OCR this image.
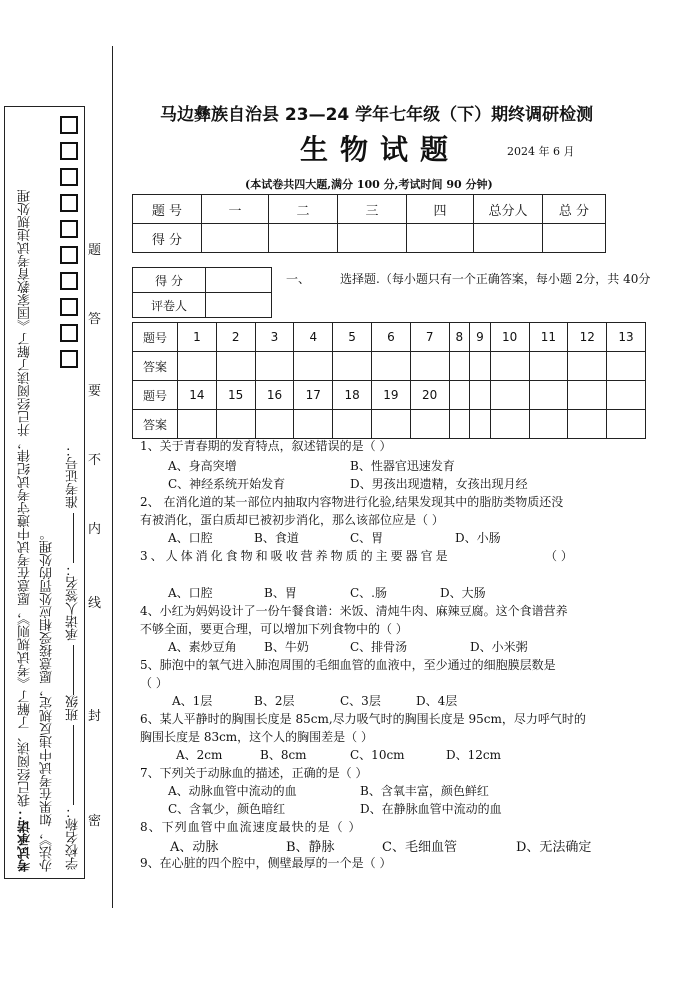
考试承诺：我已经阅读、了解了《考试规则》，愿意在考试中遵守考试纪律，并已经阅读了解了《国家教育考试违规处理 办法》，如果在考试中违反规定，愿意接受相应处罚的处理。 学校名称： 班级 承诺人签名： 准考证号：
密
封
线
内
不
要
答
题
马边彝族自治县 23—24 学年七年级（下）期终调研检测
生物试题	2024 年 6 月
(本试卷共四大题,满分 100 分,考试时间 90 分钟)
题 号	一	二	三	四	总分人	总 分
得 分						
得 分	
评卷人	
一、	选择题.（每小题只有一个正确答案，每小题 2分，共 40分
题号	1	2	3	4	5	6	7	8	9	10	11	12	13
答案													
题号	14	15	16	17	18	19	20						
答案													
1、关于青春期的发育特点，叙述错误的是（ ）
A、身高突增	B、性器官迅速发育
C、神经系统开始发育	D、男孩出现遗精，女孩出现月经
2、 在消化道的某一部位内抽取内容物进行化验,结果发现其中的脂肪类物质还没
有被消化，蛋白质却已被初步消化，那么该部位应是（ ）
A、口腔	B、食道	C、胃	D、小肠
3、人体消化食物和吸收营养物质的主要器官是	（ ）
A、口腔	B、胃	C、.肠	D、大肠
4、小红为妈妈设计了一份午餐食谱：米饭、清炖牛肉、麻辣豆腐。这个食谱营养
不够全面，要更合理，可以增加下列食物中的（ ）
A、素炒豆角 B、牛奶	C、排骨汤	D、小米粥
5、肺泡中的氧气进入肺泡周围的毛细血管的血液中，至少通过的细胞膜层数是
（ ）
A、1层	B、2层	C、3层	D、4层
6、某人平静时的胸围长度是 85cm,尽力吸气时的胸围长度是 95cm，尽力呼气时的
胸围长度是 83cm，这个人的胸围差是（ ）
A、2cm	B、8cm	C、10cm	D、12cm
7、下列关于动脉血的描述，正确的是（ ）
A、动脉血管中流动的血	B、含氧丰富，颜色鲜红
C、含氧少，颜色暗红	D、在静脉血管中流动的血
8、下列血管中血流速度最快的是（ ）
A、动脉	B、静脉	C、毛细血管	D、无法确定
9、在心脏的四个腔中，侧壁最厚的一个是（ ）
